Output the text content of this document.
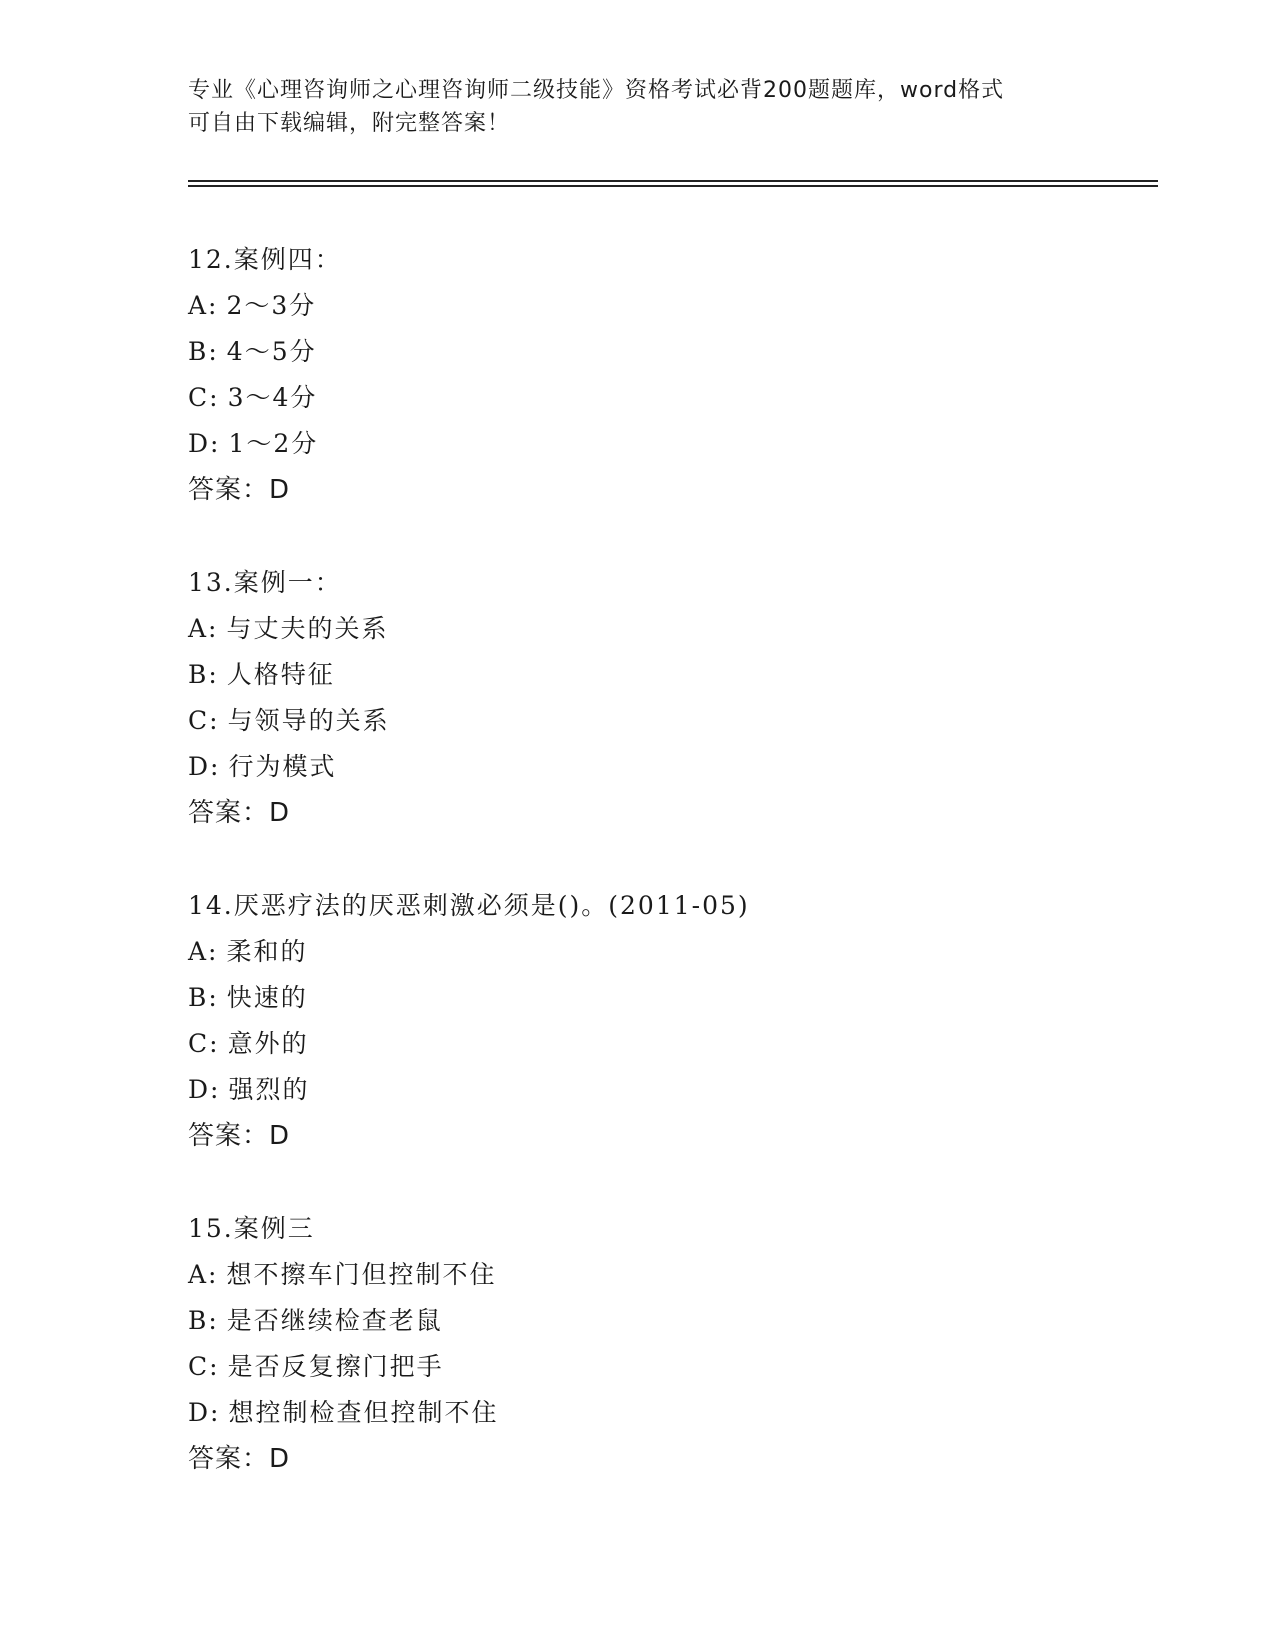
专业《心理咨询师之心理咨询师二级技能》资格考试必背200题题库，word格式
可自由下载编辑，附完整答案！
12.案例四：
A: 2～3分
B: 4～5分
C: 3～4分
D: 1～2分
答案：D
13.案例一：
A: 与丈夫的关系
B: 人格特征
C: 与领导的关系
D: 行为模式
答案：D
14.厌恶疗法的厌恶刺激必须是()。(2011-05)
A: 柔和的
B: 快速的
C: 意外的
D: 强烈的
答案：D
15.案例三
A: 想不擦车门但控制不住
B: 是否继续检查老鼠
C: 是否反复擦门把手
D: 想控制检查但控制不住
答案：D
